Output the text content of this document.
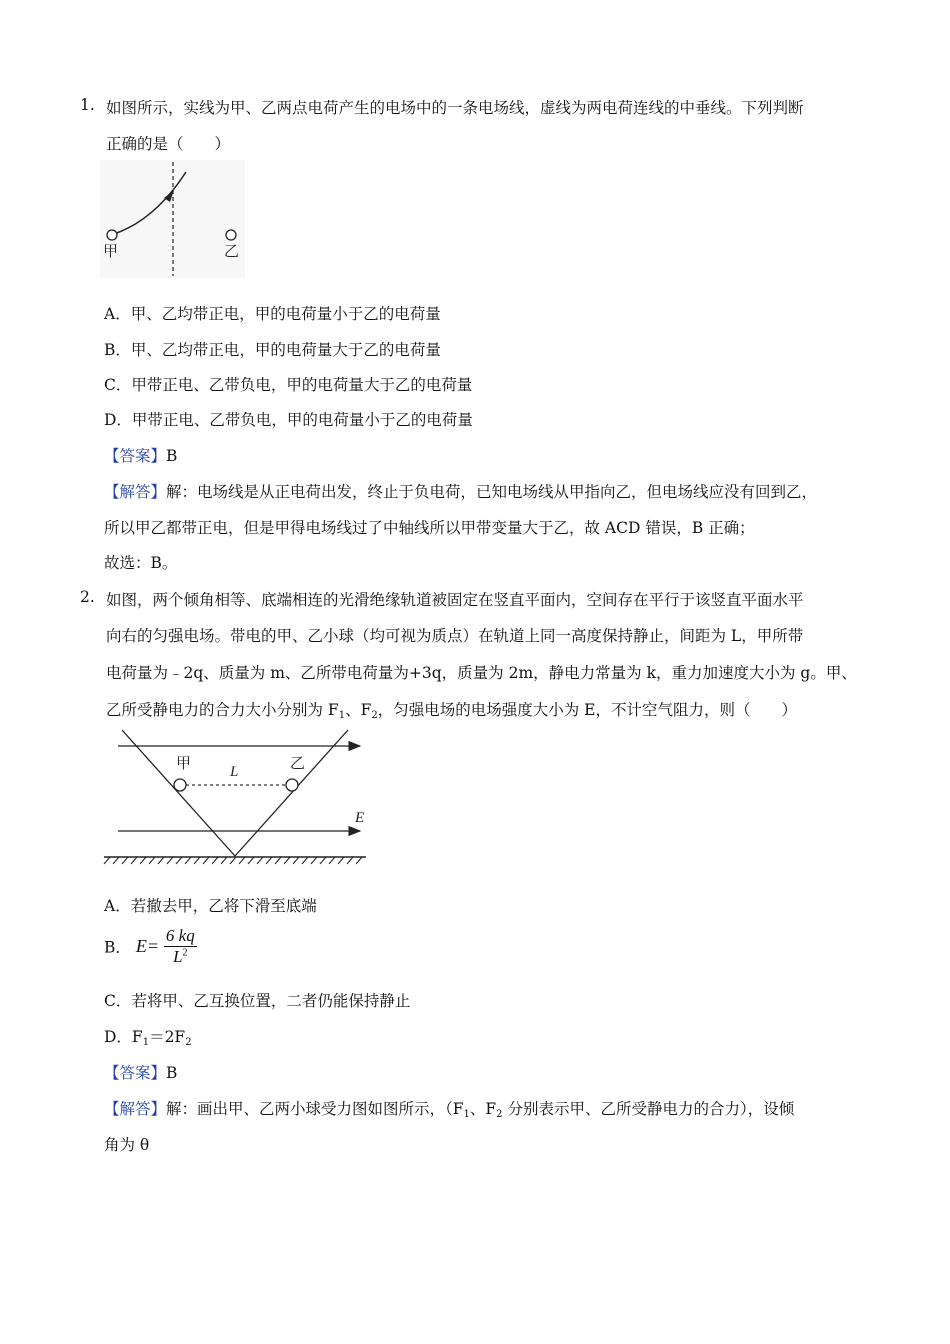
1. 如图所示，实线为甲、乙两点电荷产生的电场中的一条电场线，虚线为两电荷连线的中垂线。下列判断
正确的是（　　）
甲	乙
A．甲、乙均带正电，甲的电荷量小于乙的电荷量
B．甲、乙均带正电，甲的电荷量大于乙的电荷量
C．甲带正电、乙带负电，甲的电荷量大于乙的电荷量
D．甲带正电、乙带负电，甲的电荷量小于乙的电荷量
【答案】B
【解答】解：电场线是从正电荷出发，终止于负电荷，已知电场线从甲指向乙，但电场线应没有回到乙，
所以甲乙都带正电，但是甲得电场线过了中轴线所以甲带变量大于乙，故 ACD 错误，B 正确；
故选：B。
2. 如图，两个倾角相等、底端相连的光滑绝缘轨道被固定在竖直平面内，空间存在平行于该竖直平面水平
向右的匀强电场。带电的甲、乙小球（均可视为质点）在轨道上同一高度保持静止，间距为 L，甲所带
电荷量为﹣2q、质量为 m、乙所带电荷量为+3q，质量为 2m，静电力常量为 k，重力加速度大小为 g。甲、
乙所受静电力的合力大小分别为 $F_1$、$F_2$，匀强电场的电场强度大小为 E，不计空气阻力，则（　　）
甲	乙
L
E
A．若撤去甲，乙将下滑至底端
B． $E= \frac{6 kq}{L^2}$
C．若将甲、乙互换位置，二者仍能保持静止
D．$F_1=2F_2$
【答案】B
【解答】解：画出甲、乙两小球受力图如图所示，（$F_1$、$F_2$ 分别表示甲、乙所受静电力的合力），设倾
角为 θ
